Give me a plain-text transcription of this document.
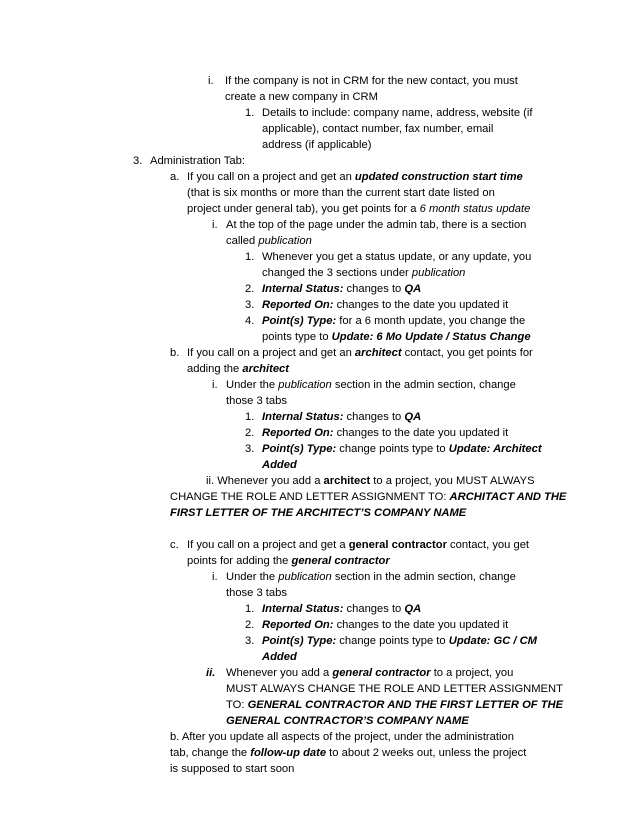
i. If the company is not in CRM for the new contact, you must
create a new company in CRM
1. Details to include: company name, address, website (if
applicable), contact number, fax number, email
address (if applicable)
3. Administration Tab:
a. If you call on a project and get an updated construction start time
(that is six months or more than the current start date listed on
project under general tab), you get points for a 6 month status update
i. At the top of the page under the admin tab, there is a section
called publication
1. Whenever you get a status update, or any update, you
changed the 3 sections under publication
2. Internal Status: changes to QA
3. Reported On: changes to the date you updated it
4. Point(s) Type: for a 6 month update, you change the
points type to Update: 6 Mo Update / Status Change
b. If you call on a project and get an architect contact, you get points for
adding the architect
i. Under the publication section in the admin section, change
those 3 tabs
1. Internal Status: changes to QA
2. Reported On: changes to the date you updated it
3. Point(s) Type: change points type to Update: Architect
Added
ii. Whenever you add a architect to a project, you MUST ALWAYS
CHANGE THE ROLE AND LETTER ASSIGNMENT TO: ARCHITACT AND THE
FIRST LETTER OF THE ARCHITECT’S COMPANY NAME
c. If you call on a project and get a general contractor contact, you get
points for adding the general contractor
i. Under the publication section in the admin section, change
those 3 tabs
1. Internal Status: changes to QA
2. Reported On: changes to the date you updated it
3. Point(s) Type: change points type to Update: GC / CM
Added
ii. Whenever you add a general contractor to a project, you
MUST ALWAYS CHANGE THE ROLE AND LETTER ASSIGNMENT
TO: GENERAL CONTRACTOR AND THE FIRST LETTER OF THE
GENERAL CONTRACTOR’S COMPANY NAME
b. After you update all aspects of the project, under the administration
tab, change the follow-up date to about 2 weeks out, unless the project
is supposed to start soon
